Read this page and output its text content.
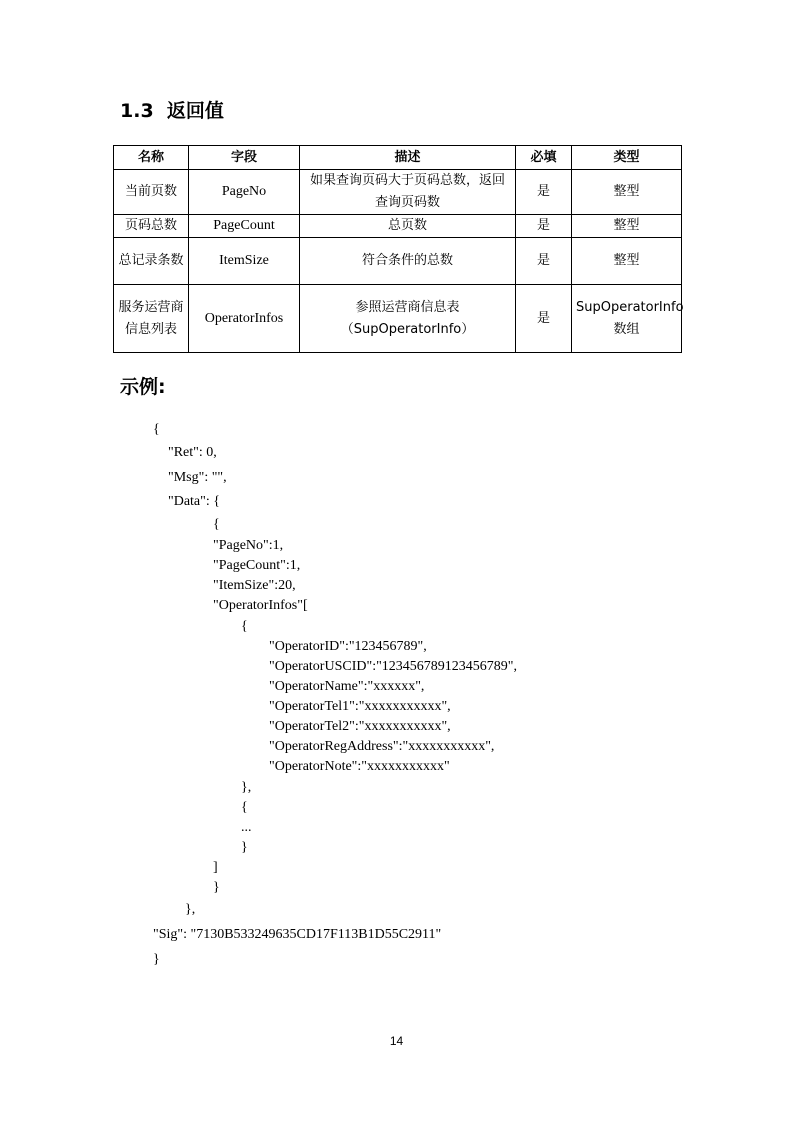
1.3 返回值
名称	字段	描述	必填	类型
当前页数	PageNo	如果查询页码大于页码总数，返回查询页码数	是	整型
页码总数	PageCount	总页数	是	整型
总记录条数	ItemSize	符合条件的总数	是	整型
服务运营商信息列表	OperatorInfos	参照运营商信息表（SupOperatorInfo）	是	SupOperatorInfo数组
示例:
{
"Ret": 0,
"Msg": "",
"Data": {
{
"PageNo":1,
"PageCount":1,
"ItemSize":20,
"OperatorInfos"[
{
"OperatorID":"123456789",
"OperatorUSCID":"123456789123456789",
"OperatorName":"xxxxxx",
"OperatorTel1":"xxxxxxxxxxx",
"OperatorTel2":"xxxxxxxxxxx",
"OperatorRegAddress":"xxxxxxxxxxx",
"OperatorNote":"xxxxxxxxxxx"
},
{
...
}
]
}
},
"Sig": "7130B533249635CD17F113B1D55C2911"
}
14
